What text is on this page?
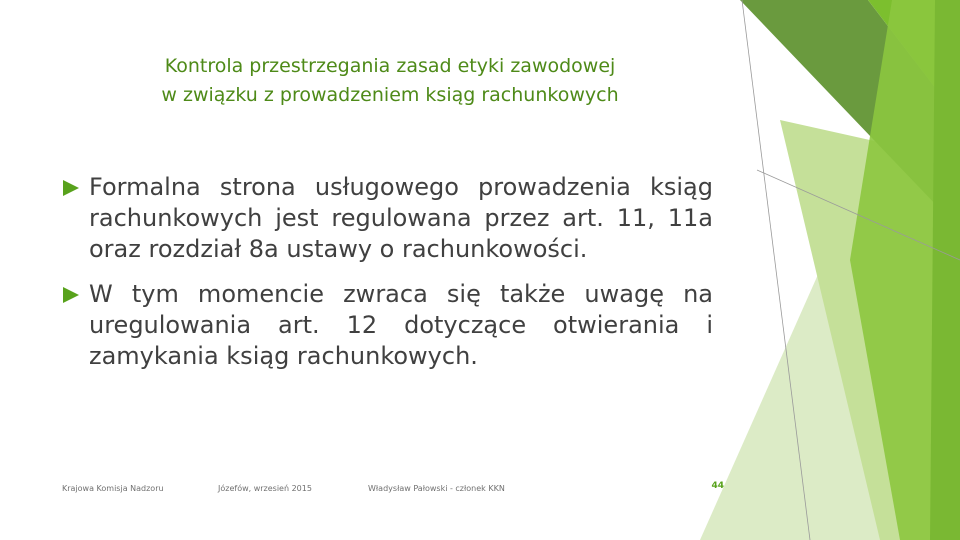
Kontrola przestrzegania zasad etyki zawodowej
w związku z prowadzeniem ksiąg rachunkowych
Formalna strona usługowego prowadzenia ksiąg rachunkowych jest regulowana przez art. 11, 11a oraz rozdział 8a ustawy o rachunkowości.
W tym momencie zwraca się także uwagę na uregulowania art. 12 dotyczące otwierania i zamykania ksiąg rachunkowych.
Krajowa Komisja Nadzoru	Józefów, wrzesień 2015	Władysław Pałowski - członek KKN	44
